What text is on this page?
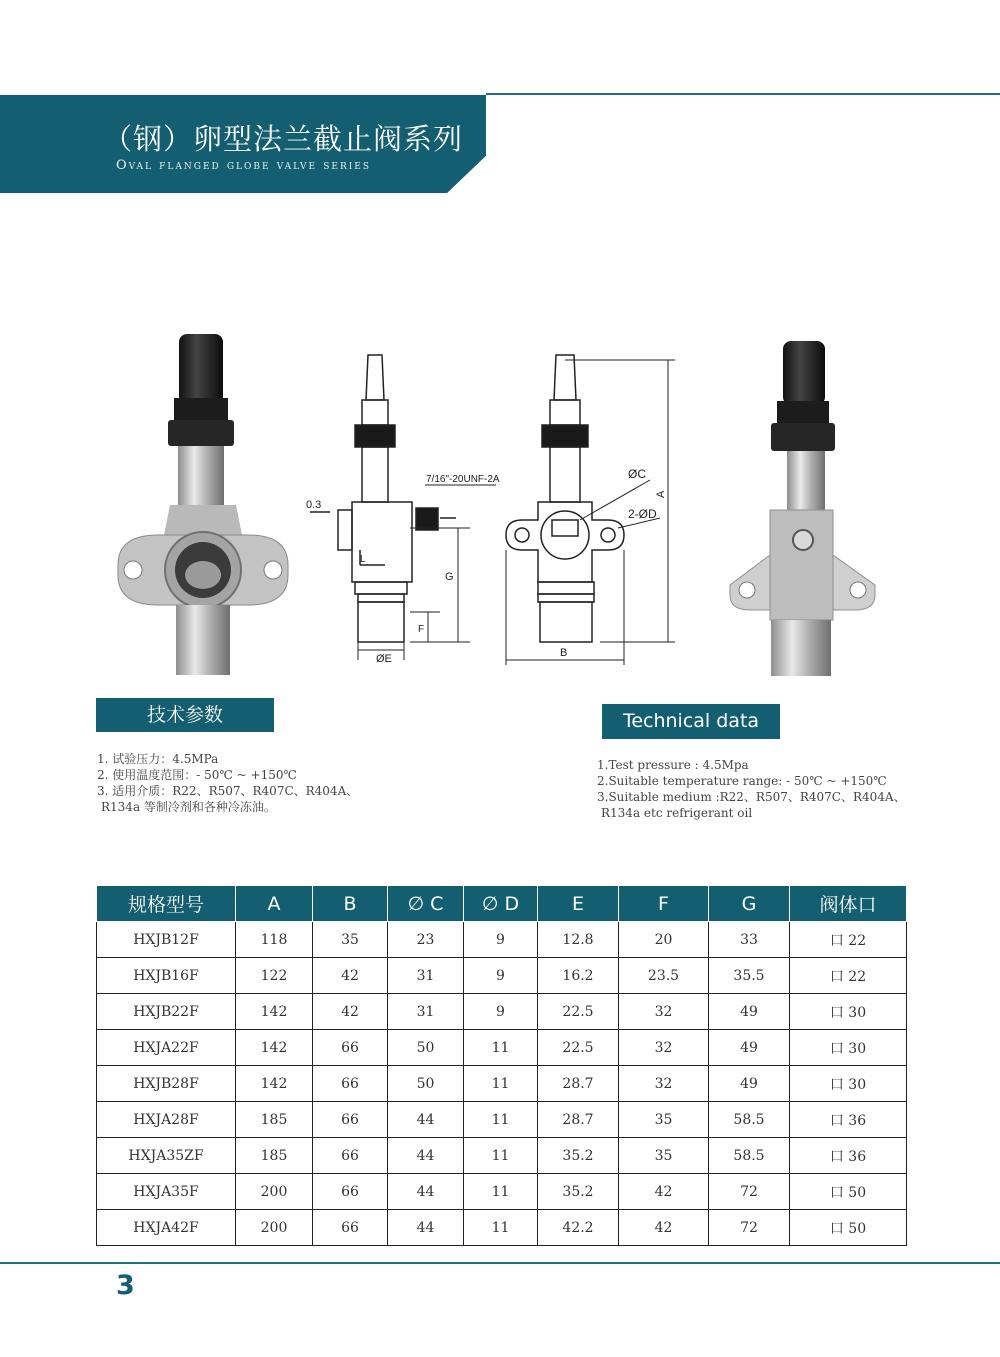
（钢）卵型法兰截止阀系列
Oval flanged globe valve series
7/16"-20UNF-2A
0.3
G
F
L
ØE
ØC
2-ØD
A
B
技术参数
1. 试验压力：4.5MPa
2. 使用温度范围：- 50℃ ~ +150℃
3. 适用介质：R22、R507、R407C、R404A、
R134a 等制冷剂和各种冷冻油。
Technical data
1.Test pressure : 4.5Mpa
2.Suitable temperature range: - 50℃ ~ +150℃
3.Suitable medium :R22、R507、R407C、R404A、
R134a etc refrigerant oil
规格型号	A	B	∅ C	∅ D	E	F	G	阀体口
HXJB12F	118	35	23	9	12.8	20	33	口 22
HXJB16F	122	42	31	9	16.2	23.5	35.5	口 22
HXJB22F	142	42	31	9	22.5	32	49	口 30
HXJA22F	142	66	50	11	22.5	32	49	口 30
HXJB28F	142	66	50	11	28.7	32	49	口 30
HXJA28F	185	66	44	11	28.7	35	58.5	口 36
HXJA35ZF	185	66	44	11	35.2	35	58.5	口 36
HXJA35F	200	66	44	11	35.2	42	72	口 50
HXJA42F	200	66	44	11	42.2	42	72	口 50
3
